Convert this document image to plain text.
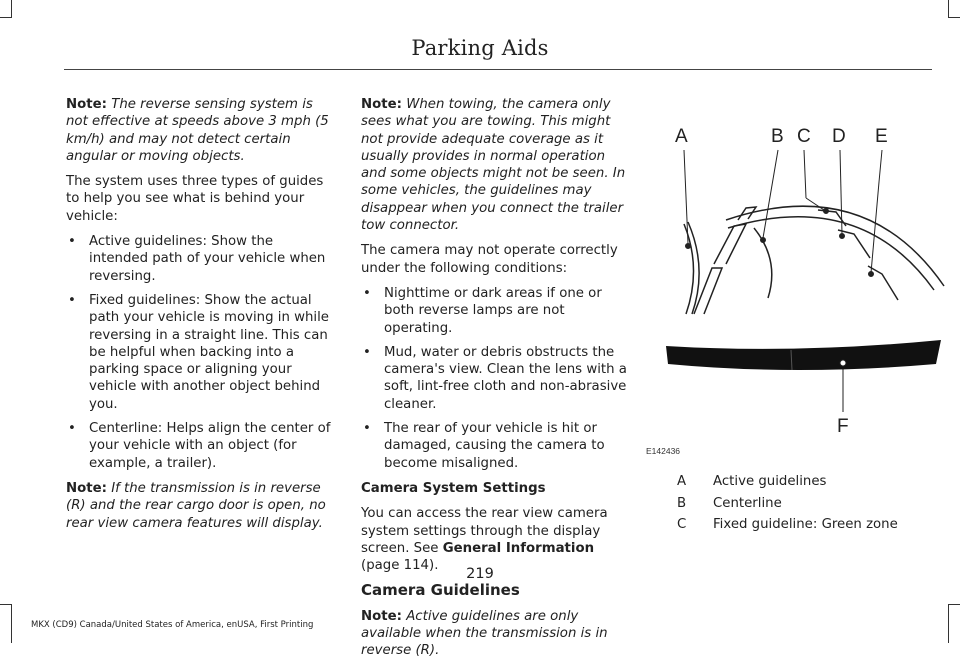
Parking Aids

Note: The reverse sensing system is not effective at speeds above 3 mph (5 km/h) and may not detect certain angular or moving objects.

The system uses three types of guides to help you see what is behind your vehicle:

• Active guidelines: Show the intended path of your vehicle when reversing.
• Fixed guidelines: Show the actual path your vehicle is moving in while reversing in a straight line. This can be helpful when backing into a parking space or aligning your vehicle with another object behind you.
• Centerline: Helps align the center of your vehicle with an object (for example, a trailer).

Note: If the transmission is in reverse (R) and the rear cargo door is open, no rear view camera features will display.

Note: When towing, the camera only sees what you are towing. This might not provide adequate coverage as it usually provides in normal operation and some objects might not be seen. In some vehicles, the guidelines may disappear when you connect the trailer tow connector.

The camera may not operate correctly under the following conditions:

• Nighttime or dark areas if one or both reverse lamps are not operating.
• Mud, water or debris obstructs the camera's view. Clean the lens with a soft, lint-free cloth and non-abrasive cleaner.
• The rear of your vehicle is hit or damaged, causing the camera to become misaligned.

Camera System Settings

You can access the rear view camera system settings through the display screen. See General Information (page 114).

Camera Guidelines

Note: Active guidelines are only available when the transmission is in reverse (R).

A	B C D E
F
E142436
A	Active guidelines
B	Centerline
C	Fixed guideline: Green zone
219
MKX (CD9) Canada/United States of America, enUSA, First Printing
